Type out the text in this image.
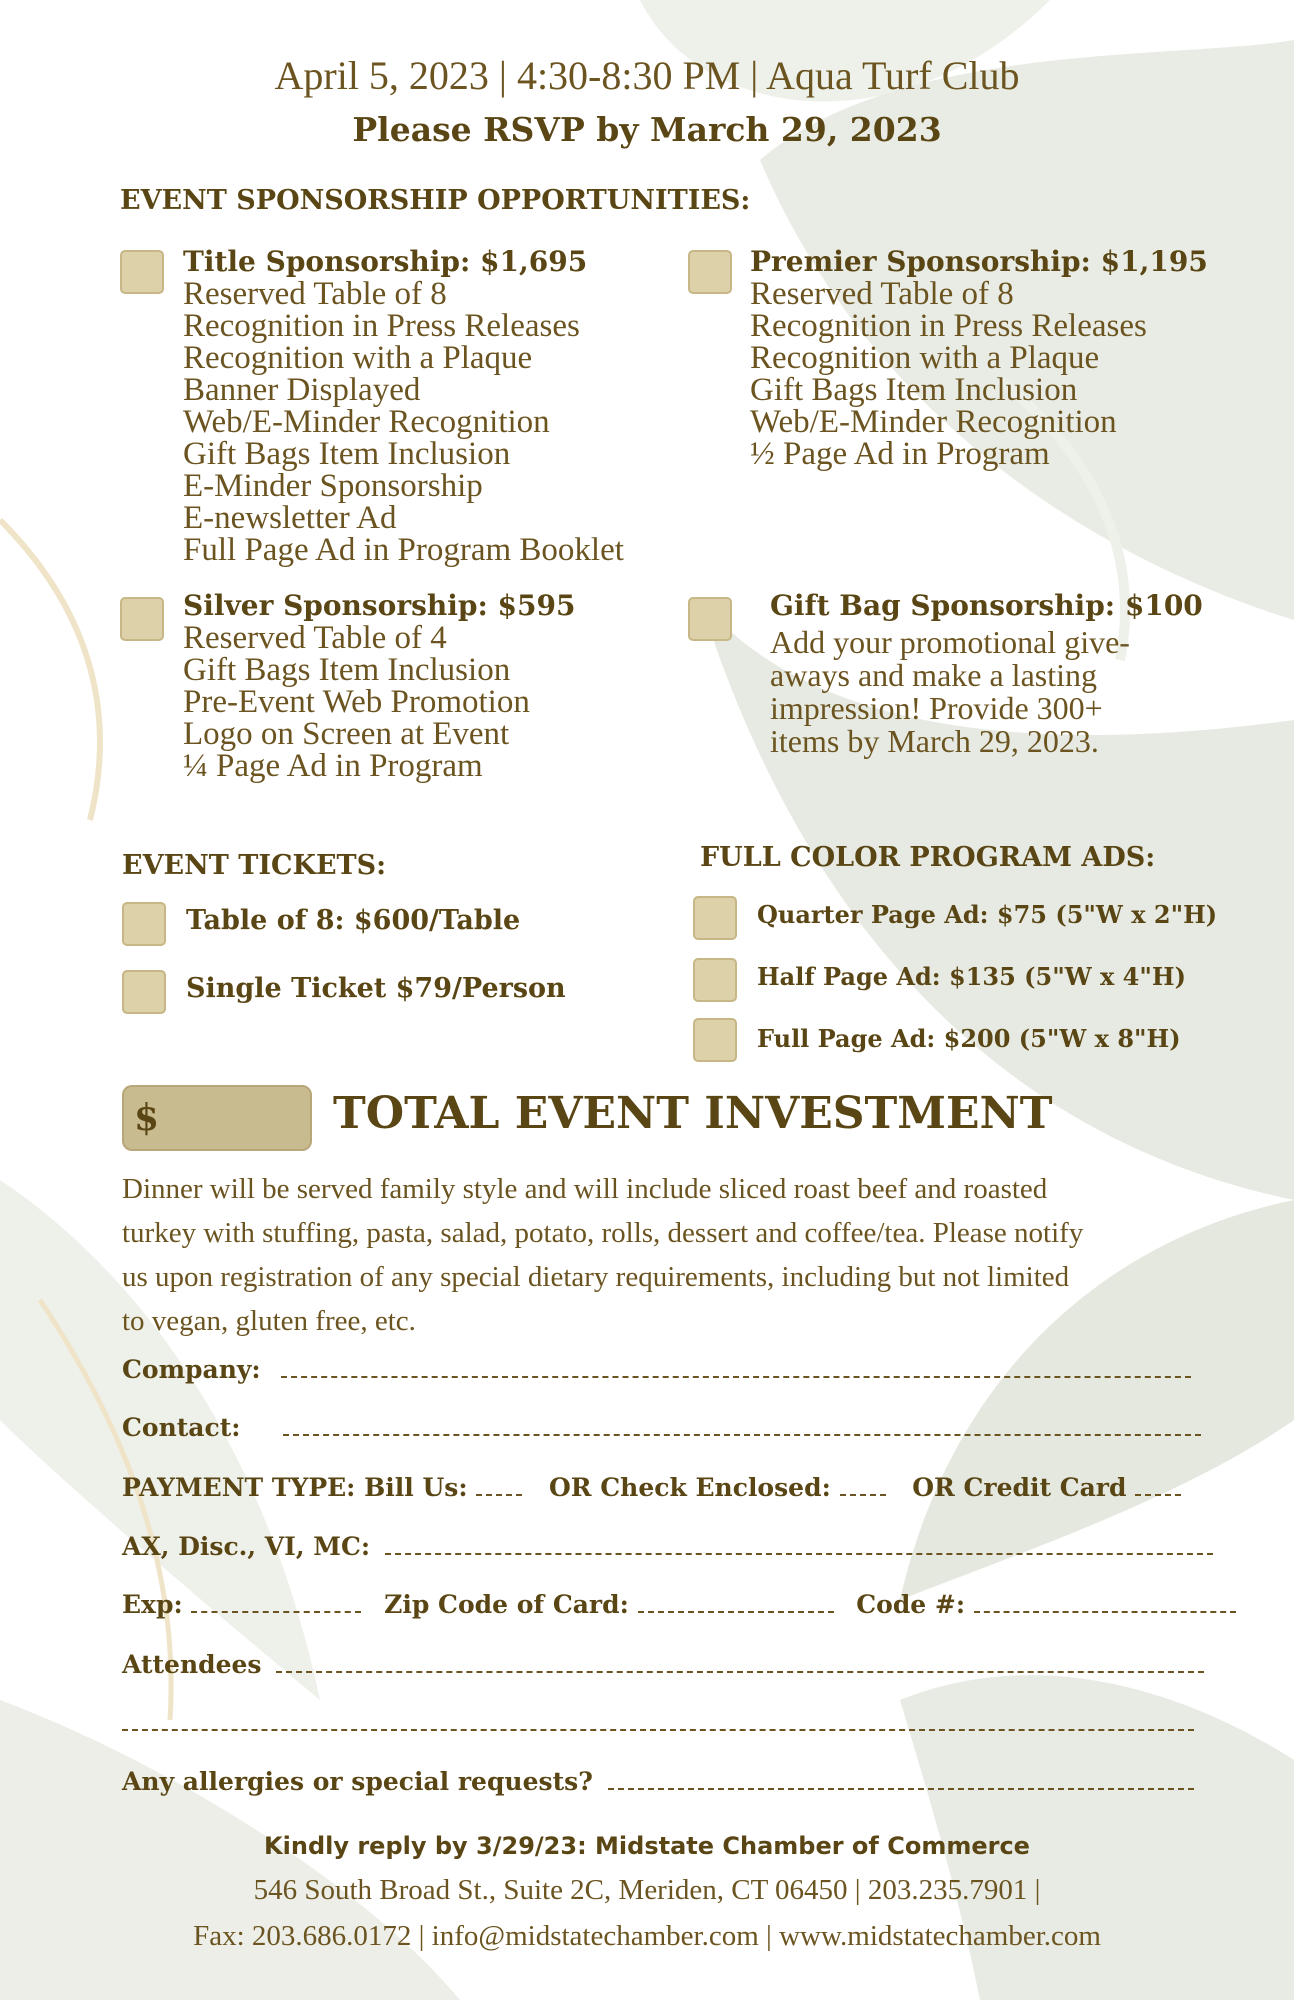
April 5, 2023 | 4:30-8:30 PM | Aqua Turf Club
Please RSVP by March 29, 2023
EVENT SPONSORSHIP OPPORTUNITIES:
Title Sponsorship: $1,695
Reserved Table of 8
Recognition in Press Releases
Recognition with a Plaque
Banner Displayed
Web/E-Minder Recognition
Gift Bags Item Inclusion
E-Minder Sponsorship
E-newsletter Ad
Full Page Ad in Program Booklet
Premier Sponsorship: $1,195
Reserved Table of 8
Recognition in Press Releases
Recognition with a Plaque
Gift Bags Item Inclusion
Web/E-Minder Recognition
½ Page Ad in Program
Silver Sponsorship: $595
Reserved Table of 4
Gift Bags Item Inclusion
Pre-Event Web Promotion
Logo on Screen at Event
¼ Page Ad in Program
Gift Bag Sponsorship: $100
Add your promotional give-
aways and make a lasting
impression! Provide 300+
items by March 29, 2023.
EVENT TICKETS:
Table of 8: $600/Table
Single Ticket $79/Person
FULL COLOR PROGRAM ADS:
Quarter Page Ad: $75 (5"W x 2"H)
Half Page Ad: $135 (5"W x 4"H)
Full Page Ad: $200 (5"W x 8"H)
$	TOTAL EVENT INVESTMENT
Dinner will be served family style and will include sliced roast beef and roasted
turkey with stuffing, pasta, salad, potato, rolls, dessert and coffee/tea. Please notify
us upon registration of any special dietary requirements, including but not limited
to vegan, gluten free, etc.
Company:
Contact:
PAYMENT TYPE: Bill Us:	OR Check Enclosed:	OR Credit Card
AX, Disc., VI, MC:
Exp:	Zip Code of Card:	Code #:
Attendees
Any allergies or special requests?
Kindly reply by 3/29/23: Midstate Chamber of Commerce
546 South Broad St., Suite 2C, Meriden, CT 06450 | 203.235.7901 |
Fax: 203.686.0172 | info@midstatechamber.com | www.midstatechamber.com
